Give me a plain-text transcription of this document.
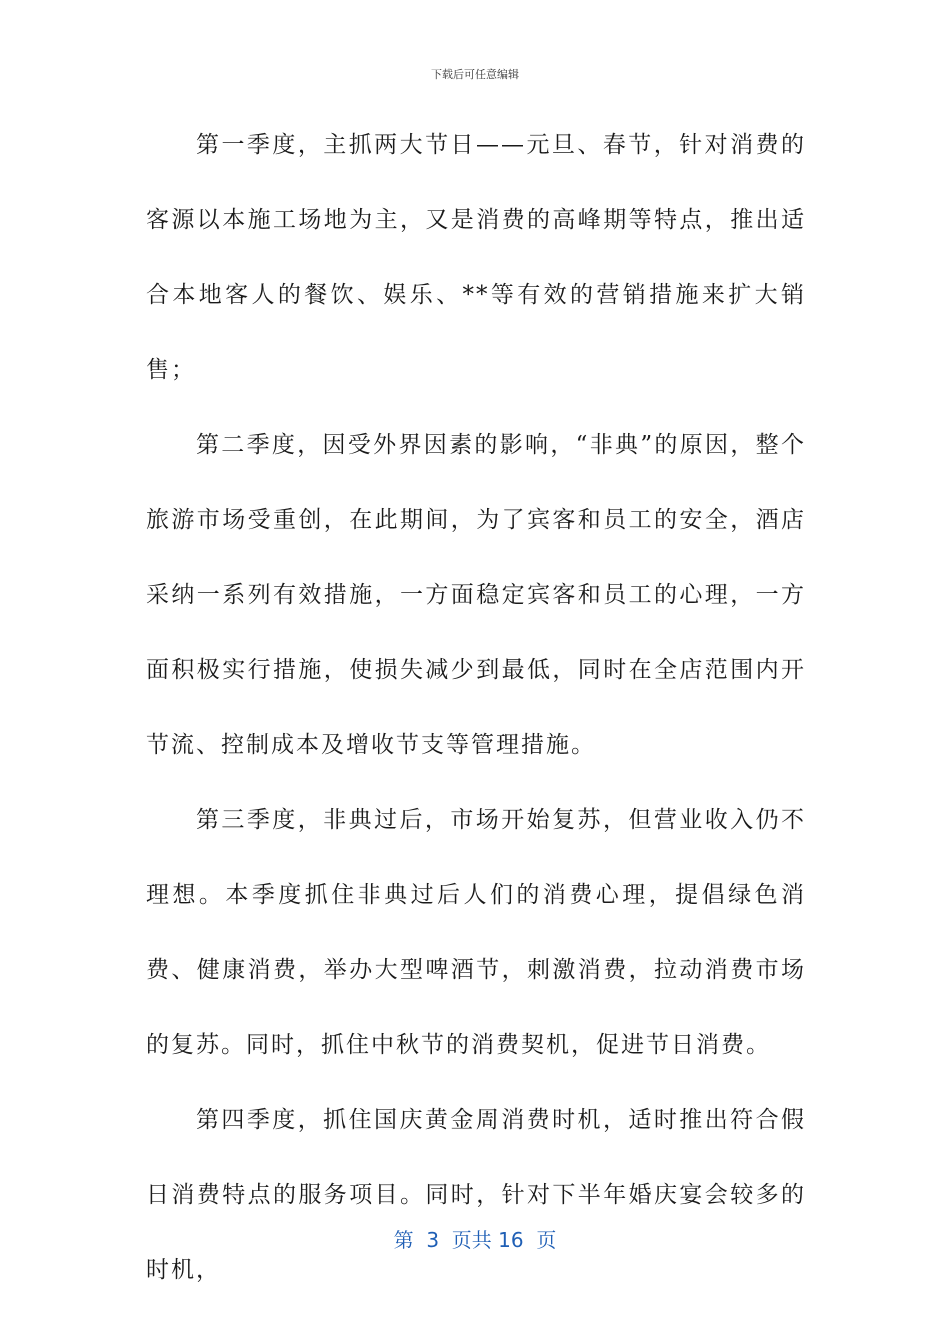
下载后可任意编辑

第一季度，主抓两大节日——元旦、春节，针对消费的客源以本施工场地为主，又是消费的高峰期等特点，推出适合本地客人的餐饮、娱乐、**等有效的营销措施来扩大销售；

第二季度，因受外界因素的影响，“非典”的原因，整个旅游市场受重创，在此期间，为了宾客和员工的安全，酒店采纳一系列有效措施，一方面稳定宾客和员工的心理，一方面积极实行措施，使损失减少到最低，同时在全店范围内开节流、控制成本及增收节支等管理措施。

第三季度，非典过后，市场开始复苏，但营业收入仍不理想。本季度抓住非典过后人们的消费心理，提倡绿色消费、健康消费，举办大型啤酒节，刺激消费，拉动消费市场的复苏。同时，抓住中秋节的消费契机，促进节日消费。

第四季度，抓住国庆黄金周消费时机，适时推出符合假日消费特点的服务项目。同时，针对下半年婚庆宴会较多的时机，

第  3  页共 16  页
